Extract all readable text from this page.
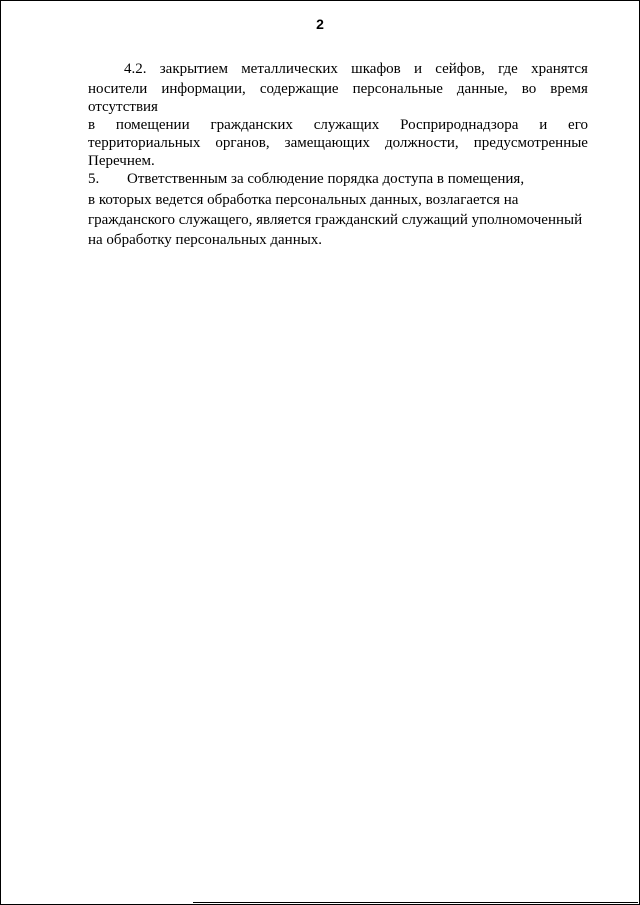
2
4.2. закрытием металлических шкафов и сейфов, где хранятся
носители информации, содержащие персональные данные, во время
отсутствия
в помещении гражданских служащих Росприроднадзора и его
территориальных органов, замещающих должности, предусмотренные
Перечнем.
5. Ответственным за соблюдение порядка доступа в помещения,
в которых ведется обработка персональных данных, возлагается на
гражданского служащего, является гражданский служащий уполномоченный
на обработку персональных данных.
